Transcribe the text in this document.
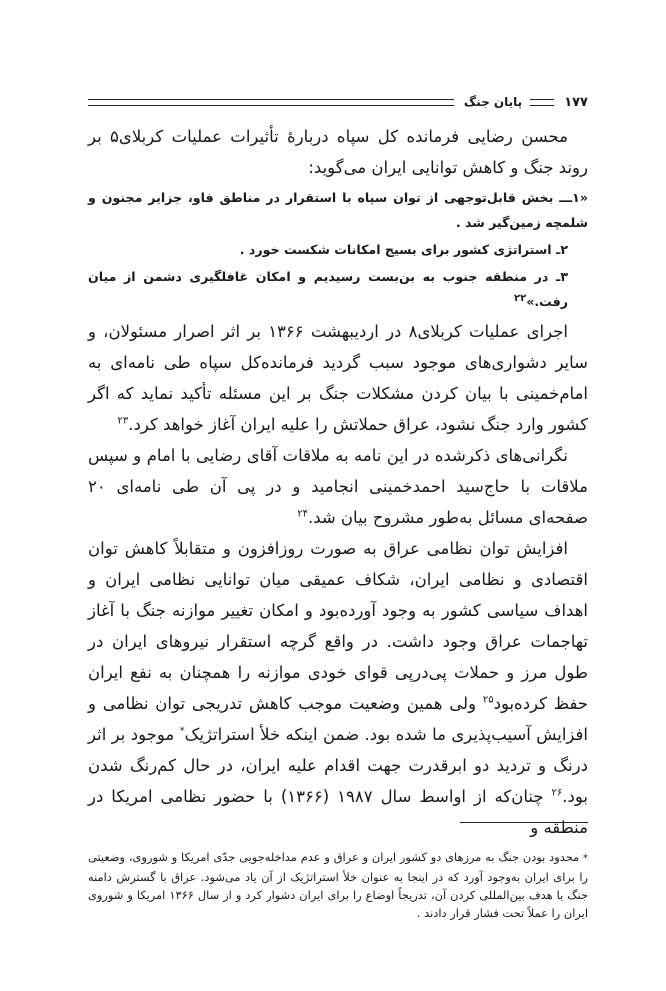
۱۷۷
پایان جنگ

محسن رضایی فرمانده کل سپاه دربارهٔ تأثیرات عملیات کربلای۵ بر روند جنگ و کاهش توانایی ایران می‌گوید:

«۱ـــ بخش قابل‌توجهی از توان سپاه با استقرار در مناطق فاو، جزایر مجنون و شلمچه زمین‌گیر شد .

۲ـ استراتژی کشور برای بسیج امکانات شکست خورد .

۳ـ در منطقه جنوب به بن‌بست رسیدیم و امکان غافلگیری دشمن از میان رفت.»$^{۲۲}$

اجرای عملیات کربلای۸ در اردیبهشت ۱۳۶۶ بر اثر اصرار مسئولان، و سایر دشواری‌های موجود سبب گردید فرمانده‌کل سپاه طی نامه‌ای به امام‌خمینی با بیان کردن مشکلات جنگ بر این مسئله تأکید نماید که اگر کشور وارد جنگ نشود، عراق حملاتش را علیه ایران آغاز خواهد کرد.$^{۲۳}$

نگرانی‌های ذکرشده در این نامه به ملاقات آقای رضایی با امام و سپس ملاقات با حاج‌سید احمدخمینی انجامید و در پی آن طی نامه‌ای ۲۰ صفحه‌ای مسائل به‌طور مشروح بیان شد.$^{۲۴}$

افزایش توان نظامی عراق به صورت روزافزون و متقابلاً کاهش توان اقتصادی و نظامی ایران، شکاف عمیقی میان توانایی نظامی ایران و اهداف سیاسی کشور به وجود آورده‌بود و امکان تغییر موازنه جنگ با آغاز تهاجمات عراق وجود داشت. در واقع گرچه استقرار نیروهای ایران در طول مرز و حملات پی‌درپی قوای خودی موازنه را همچنان به نفع ایران حفظ کرده‌بود$^{۲۵}$ ولی همین وضعیت موجب کاهش تدریجی توان نظامی و افزایش آسیب‌پذیری ما شده بود. ضمن اینکه خلأ استراتژیک* موجود بر اثر درنگ و تردید دو ابرقدرت جهت اقدام علیه ایران، در حال کم‌رنگ شدن بود.$^{۲۶}$ چنان‌که از اواسط سال ۱۹۸۷ (۱۳۶۶) با حضور نظامی امریکا در منطقه و

* محدود بودن جنگ به مرزهای دو کشور ایران و عراق و عدم مداخله‌جویی جدّی امریکا و شوروی، وضعیتی را برای ایران به‌وجود آورد که در اینجا به عنوان خلأ استراتژیک از آن یاد می‌شود. عراق با گسترش دامنه جنگ با هدف بین‌المللی کردن آن، تدریجاً اوضاع را برای ایران دشوار کرد و از سال ۱۳۶۶ امریکا و شوروی ایران را عملاً تحت فشار قرار دادند .
